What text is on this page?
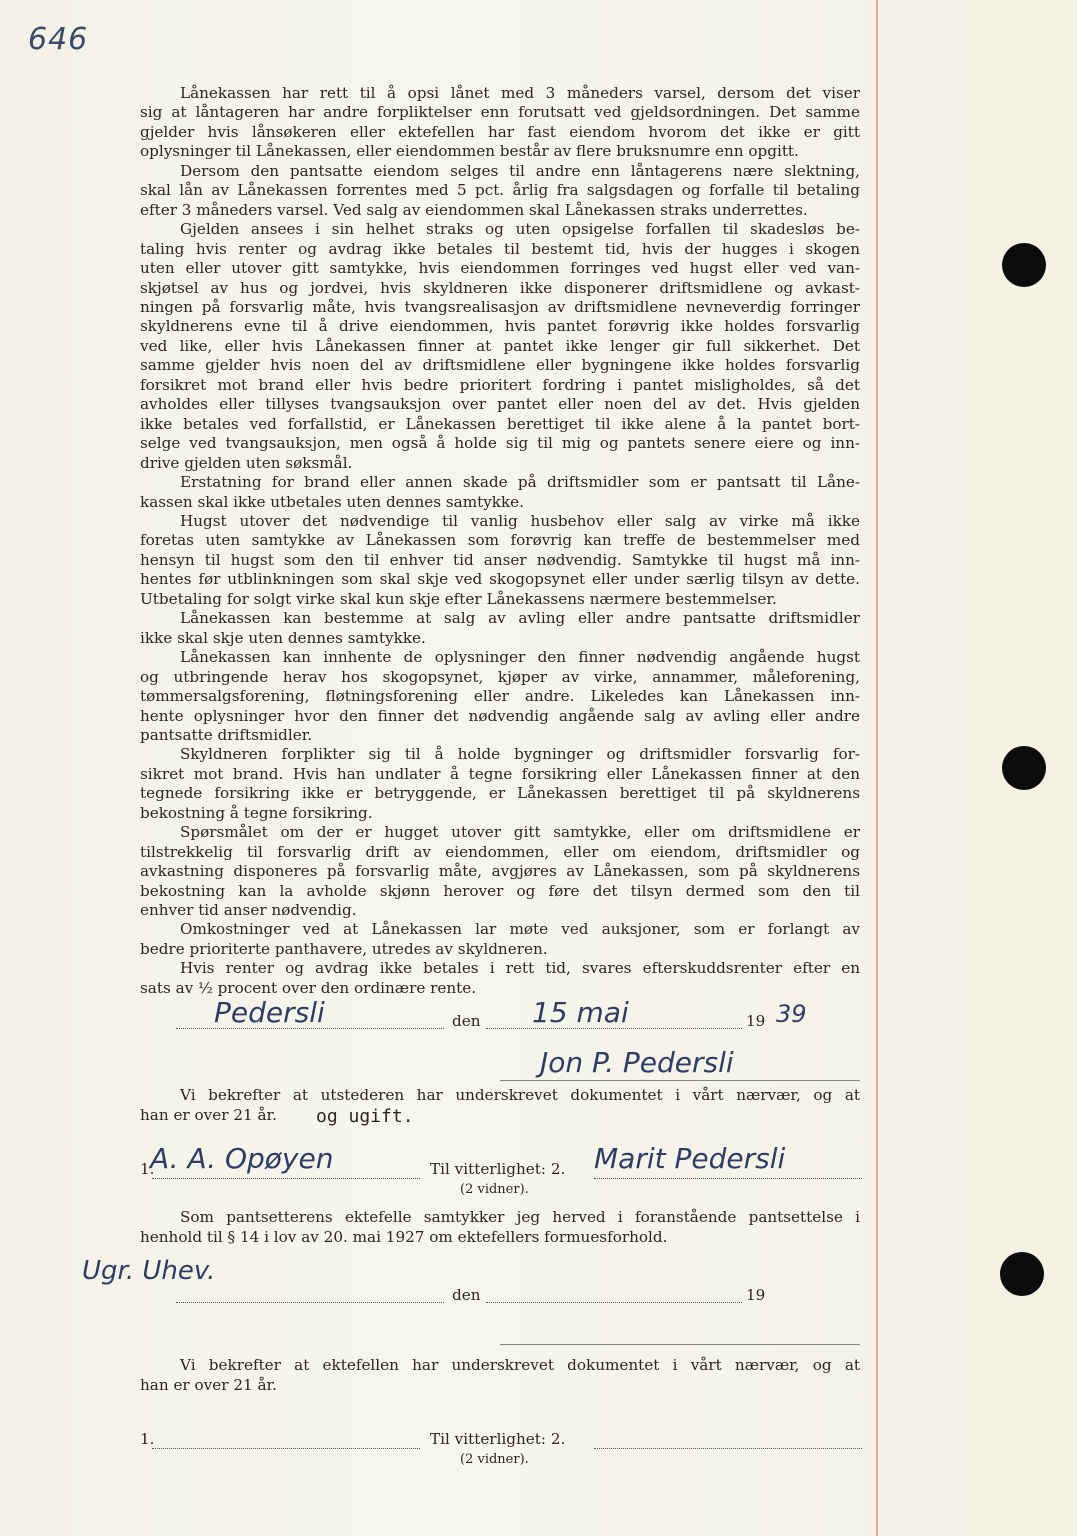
646
Lånekassen har rett til å opsi lånet med 3 måneders varsel, dersom det viser
sig at låntageren har andre forpliktelser enn forutsatt ved gjeldsordningen. Det samme
gjelder hvis lånsøkeren eller ektefellen har fast eiendom hvorom det ikke er gitt
oplysninger til Lånekassen, eller eiendommen består av flere bruksnumre enn opgitt.
Dersom den pantsatte eiendom selges til andre enn låntagerens nære slektning,
skal lån av Lånekassen forrentes med 5 pct. årlig fra salgsdagen og forfalle til betaling
efter 3 måneders varsel. Ved salg av eiendommen skal Lånekassen straks underrettes.
Gjelden ansees i sin helhet straks og uten opsigelse forfallen til skadesløs be-
taling hvis renter og avdrag ikke betales til bestemt tid, hvis der hugges i skogen
uten eller utover gitt samtykke, hvis eiendommen forringes ved hugst eller ved van-
skjøtsel av hus og jordvei, hvis skyldneren ikke disponerer driftsmidlene og avkast-
ningen på forsvarlig måte, hvis tvangsrealisasjon av driftsmidlene nevneverdig forringer
skyldnerens evne til å drive eiendommen, hvis pantet forøvrig ikke holdes forsvarlig
ved like, eller hvis Lånekassen finner at pantet ikke lenger gir full sikkerhet. Det
samme gjelder hvis noen del av driftsmidlene eller bygningene ikke holdes forsvarlig
forsikret mot brand eller hvis bedre prioritert fordring i pantet misligholdes, så det
avholdes eller tillyses tvangsauksjon over pantet eller noen del av det. Hvis gjelden
ikke betales ved forfallstid, er Lånekassen berettiget til ikke alene å la pantet bort-
selge ved tvangsauksjon, men også å holde sig til mig og pantets senere eiere og inn-
drive gjelden uten søksmål.
Erstatning for brand eller annen skade på driftsmidler som er pantsatt til Låne-
kassen skal ikke utbetales uten dennes samtykke.
Hugst utover det nødvendige til vanlig husbehov eller salg av virke må ikke
foretas uten samtykke av Lånekassen som forøvrig kan treffe de bestemmelser med
hensyn til hugst som den til enhver tid anser nødvendig. Samtykke til hugst må inn-
hentes før utblinkningen som skal skje ved skogopsynet eller under særlig tilsyn av dette.
Utbetaling for solgt virke skal kun skje efter Lånekassens nærmere bestemmelser.
Lånekassen kan bestemme at salg av avling eller andre pantsatte driftsmidler
ikke skal skje uten dennes samtykke.
Lånekassen kan innhente de oplysninger den finner nødvendig angående hugst
og utbringende herav hos skogopsynet, kjøper av virke, annammer, måleforening,
tømmersalgsforening, fløtningsforening eller andre. Likeledes kan Lånekassen inn-
hente oplysninger hvor den finner det nødvendig angående salg av avling eller andre
pantsatte driftsmidler.
Skyldneren forplikter sig til å holde bygninger og driftsmidler forsvarlig for-
sikret mot brand. Hvis han undlater å tegne forsikring eller Lånekassen finner at den
tegnede forsikring ikke er betryggende, er Lånekassen berettiget til på skyldnerens
bekostning å tegne forsikring.
Spørsmålet om der er hugget utover gitt samtykke, eller om driftsmidlene er
tilstrekkelig til forsvarlig drift av eiendommen, eller om eiendom, driftsmidler og
avkastning disponeres på forsvarlig måte, avgjøres av Lånekassen, som på skyldnerens
bekostning kan la avholde skjønn herover og føre det tilsyn dermed som den til
enhver tid anser nødvendig.
Omkostninger ved at Lånekassen lar møte ved auksjoner, som er forlangt av
bedre prioriterte panthavere, utredes av skyldneren.
Hvis renter og avdrag ikke betales i rett tid, svares efterskuddsrenter efter en
sats av ½ procent over den ordinære rente.
Pedersli	den 15 mai	19 39
Jon P. Pedersli
Vi bekrefter at utstederen har underskrevet dokumentet i vårt nærvær, og at
han er over 21 år. og ugift.
1.
A. A. Opøyen	Til vitterlighet: 2. Marit Pedersli
(2 vidner).
Som pantsetterens ektefelle samtykker jeg herved i foranstående pantsettelse i
henhold til § 14 i lov av 20. mai 1927 om ektefellers formuesforhold.
Ugr. Uhev.
den	19
Vi bekrefter at ektefellen har underskrevet dokumentet i vårt nærvær, og at
han er over 21 år.
1.	Til vitterlighet: 2.
(2 vidner).
